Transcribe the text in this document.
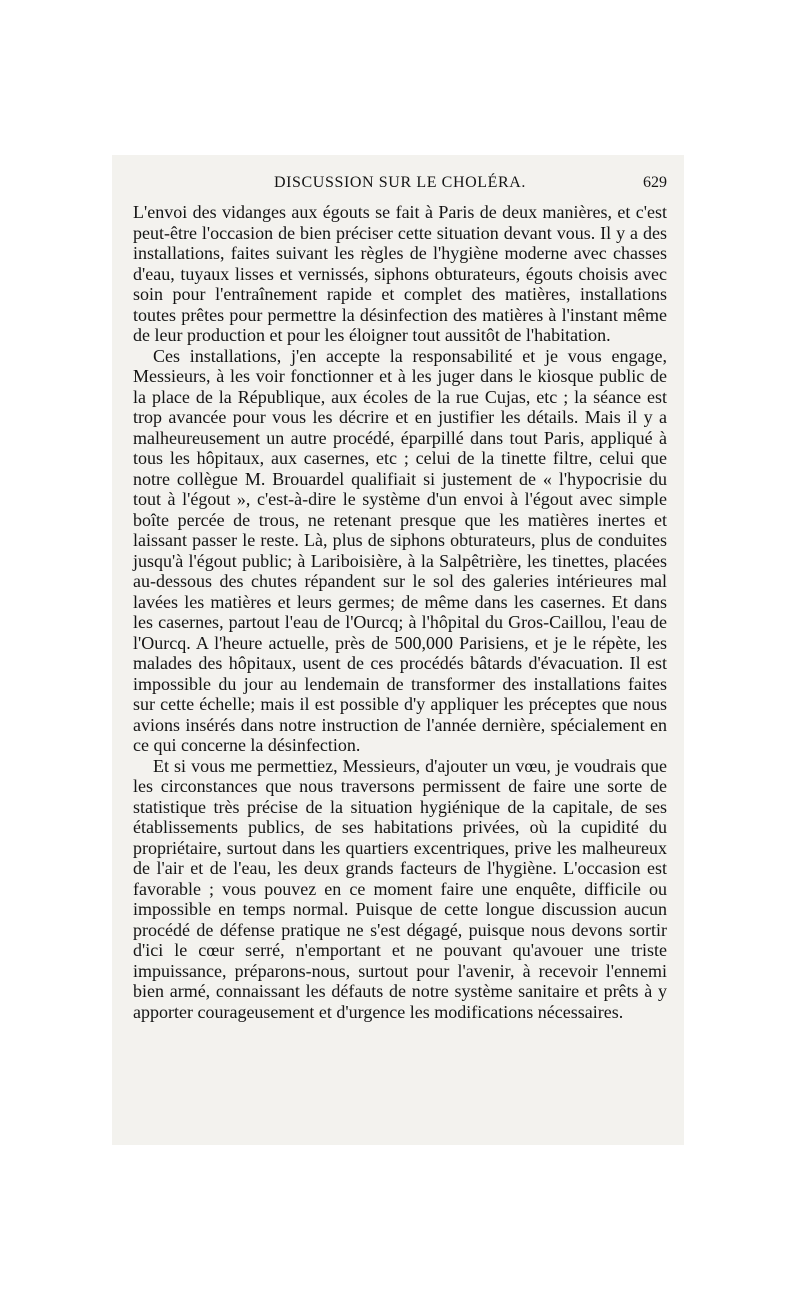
DISCUSSION SUR LE CHOLÉRA.	629

L'envoi des vidanges aux égouts se fait à Paris de deux manières, et c'est peut-être l'occasion de bien préciser cette situation devant vous. Il y a des installations, faites suivant les règles de l'hygiène moderne avec chasses d'eau, tuyaux lisses et vernissés, siphons obturateurs, égouts choisis avec soin pour l'entraînement rapide et complet des matières, installations toutes prêtes pour permettre la désinfection des matières à l'instant même de leur production et pour les éloigner tout aussitôt de l'habitation.

Ces installations, j'en accepte la responsabilité et je vous engage, Messieurs, à les voir fonctionner et à les juger dans le kiosque public de la place de la République, aux écoles de la rue Cujas, etc ; la séance est trop avancée pour vous les décrire et en justifier les détails. Mais il y a malheureusement un autre procédé, éparpillé dans tout Paris, appliqué à tous les hôpitaux, aux casernes, etc ; celui de la tinette filtre, celui que notre collègue M. Brouardel qualifiait si justement de « l'hypocrisie du tout à l'égout », c'est-à-dire le système d'un envoi à l'égout avec simple boîte percée de trous, ne retenant presque que les matières inertes et laissant passer le reste. Là, plus de siphons obturateurs, plus de conduites jusqu'à l'égout public; à Lariboisière, à la Salpêtrière, les tinettes, placées au-dessous des chutes répandent sur le sol des galeries intérieures mal lavées les matières et leurs germes; de même dans les casernes. Et dans les casernes, partout l'eau de l'Ourcq; à l'hôpital du Gros-Caillou, l'eau de l'Ourcq. A l'heure actuelle, près de 500,000 Parisiens, et je le répète, les malades des hôpitaux, usent de ces procédés bâtards d'évacuation. Il est impossible du jour au lendemain de transformer des installations faites sur cette échelle; mais il est possible d'y appliquer les préceptes que nous avions insérés dans notre instruction de l'année dernière, spécialement en ce qui concerne la désinfection.

Et si vous me permettiez, Messieurs, d'ajouter un vœu, je voudrais que les circonstances que nous traversons permissent de faire une sorte de statistique très précise de la situation hygiénique de la capitale, de ses établissements publics, de ses habitations privées, où la cupidité du propriétaire, surtout dans les quartiers excentriques, prive les malheureux de l'air et de l'eau, les deux grands facteurs de l'hygiène. L'occasion est favorable ; vous pouvez en ce moment faire une enquête, difficile ou impossible en temps normal. Puisque de cette longue discussion aucun procédé de défense pratique ne s'est dégagé, puisque nous devons sortir d'ici le cœur serré, n'emportant et ne pouvant qu'avouer une triste impuissance, préparons-nous, surtout pour l'avenir, à recevoir l'ennemi bien armé, connaissant les défauts de notre système sanitaire et prêts à y apporter courageusement et d'urgence les modifications nécessaires.
